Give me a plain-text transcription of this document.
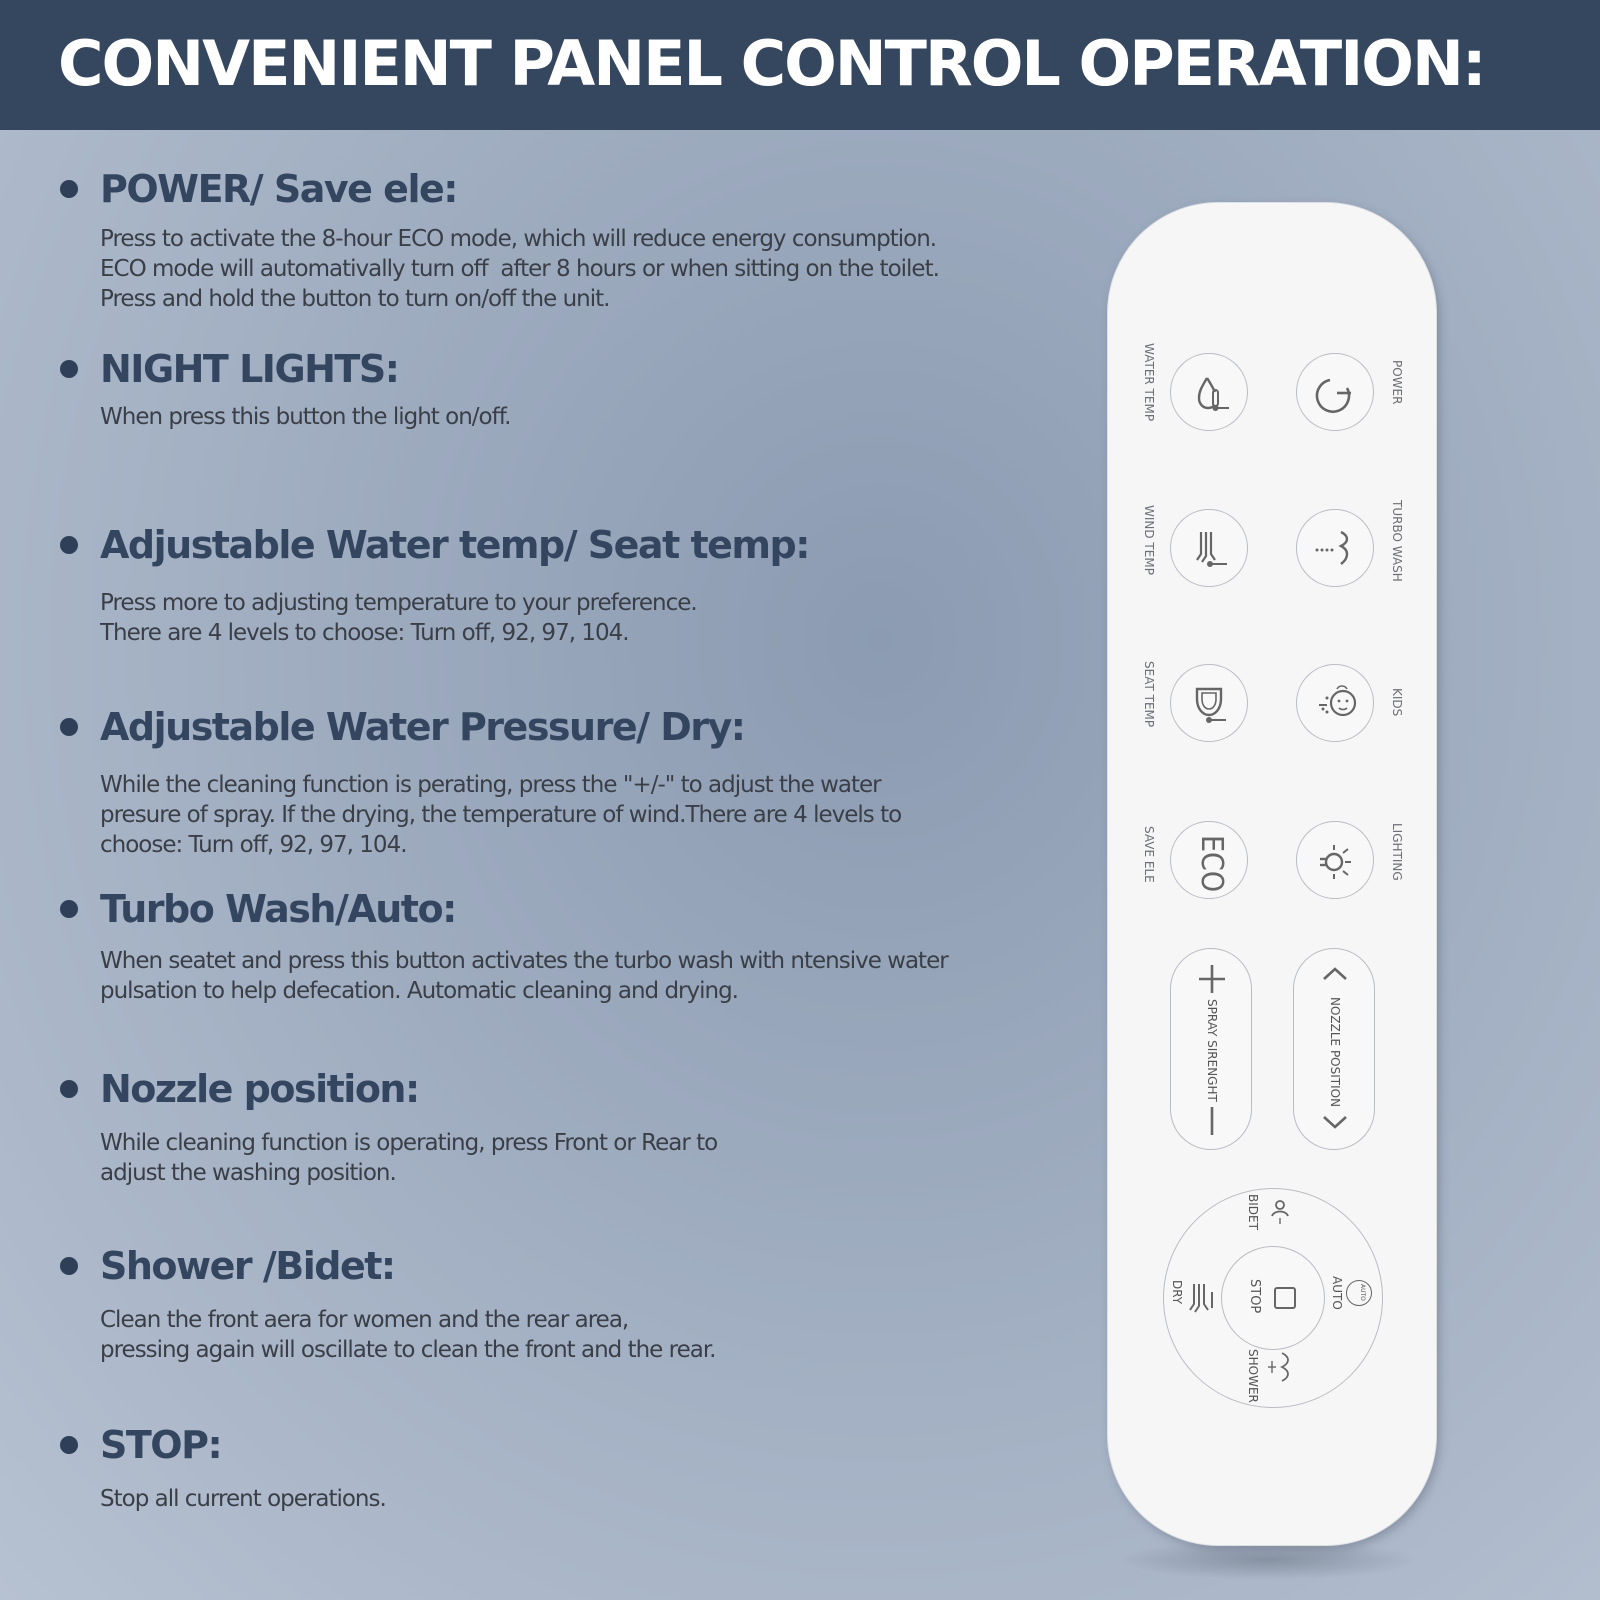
CONVENIENT PANEL CONTROL OPERATION:
POWER/ Save ele:

Press to activate the 8-hour ECO mode, which will reduce energy consumption.
ECO mode will automativally turn off  after 8 hours or when sitting on the toilet.
Press and hold the button to turn on/off the unit.

NIGHT LIGHTS:

When press this button the light on/off.

Adjustable Water temp/ Seat temp:

Press more to adjusting temperature to your preference.
There are 4 levels to choose: Turn off, 92, 97, 104.

Adjustable Water Pressure/ Dry:

While the cleaning function is perating, press the "+/-" to adjust the water
presure of spray. If the drying, the temperature of wind.There are 4 levels to
choose: Turn off, 92, 97, 104.

Turbo Wash/Auto:

When seatet and press this button activates the turbo wash with ntensive water
pulsation to help defecation. Automatic cleaning and drying.

Nozzle position:

While cleaning function is operating, press Front or Rear to
adjust the washing position.

Shower /Bidet:

Clean the front aera for women and the rear area,
pressing again will oscillate to clean the front and the rear.

STOP:

Stop all current operations.

WATER TEMP	POWER
WIND TEMP	TURBO WASH
SEAT TEMP	KIDS
SAVE ELE ECO	LIGHTING
SPRAY SIRENGHT	NOZZLE POSITION
BIDET
DRY	STOP	AUTO	AUTO
SHOWER
